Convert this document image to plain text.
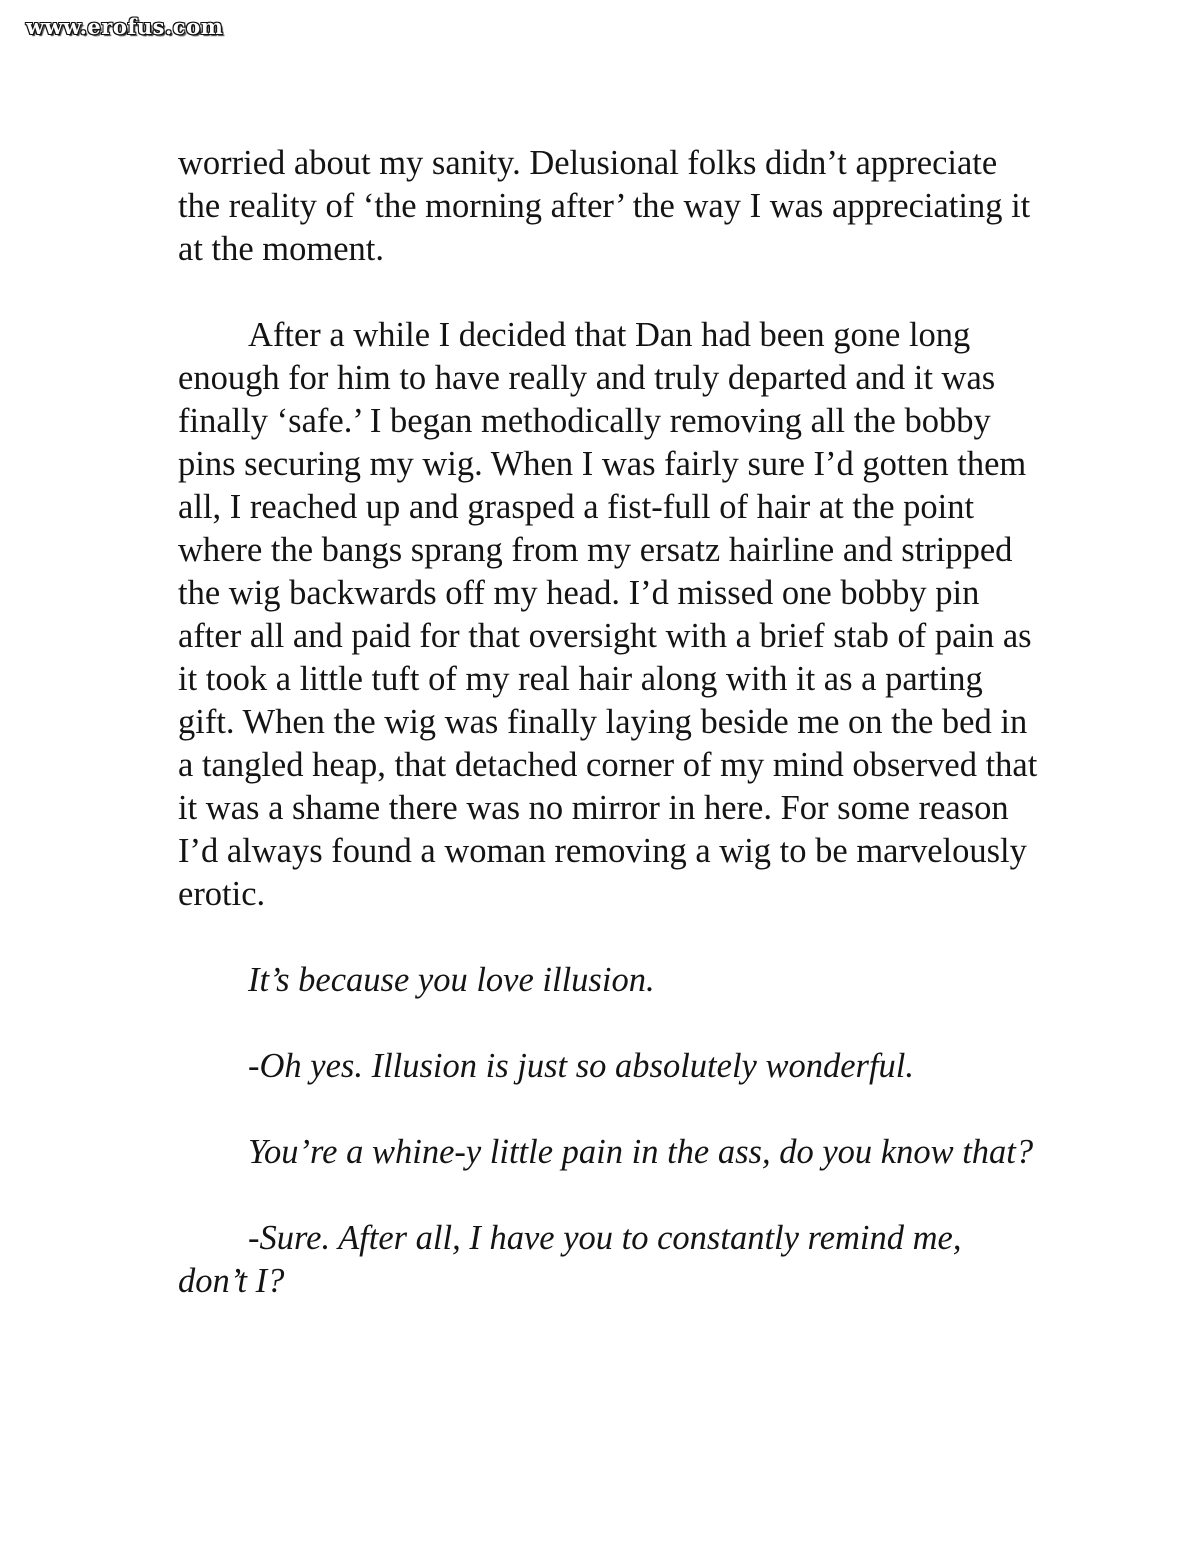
www.erofus.com

worried about my sanity. Delusional folks didn’t appreciate the reality of ‘the morning after’ the way I was appreciating it at the moment.

After a while I decided that Dan had been gone long enough for him to have really and truly departed and it was finally ‘safe.’ I began methodically removing all the bobby pins securing my wig. When I was fairly sure I’d gotten them all, I reached up and grasped a fist-full of hair at the point where the bangs sprang from my ersatz hairline and stripped the wig backwards off my head. I’d missed one bobby pin after all and paid for that oversight with a brief stab of pain as it took a little tuft of my real hair along with it as a parting gift. When the wig was finally laying beside me on the bed in a tangled heap, that detached corner of my mind observed that it was a shame there was no mirror in here. For some reason I’d always found a woman removing a wig to be marvelously erotic.

It’s because you love illusion.

-Oh yes. Illusion is just so absolutely wonderful.

You’re a whine-y little pain in the ass, do you know that?

-Sure. After all, I have you to constantly remind me, don’t I?
